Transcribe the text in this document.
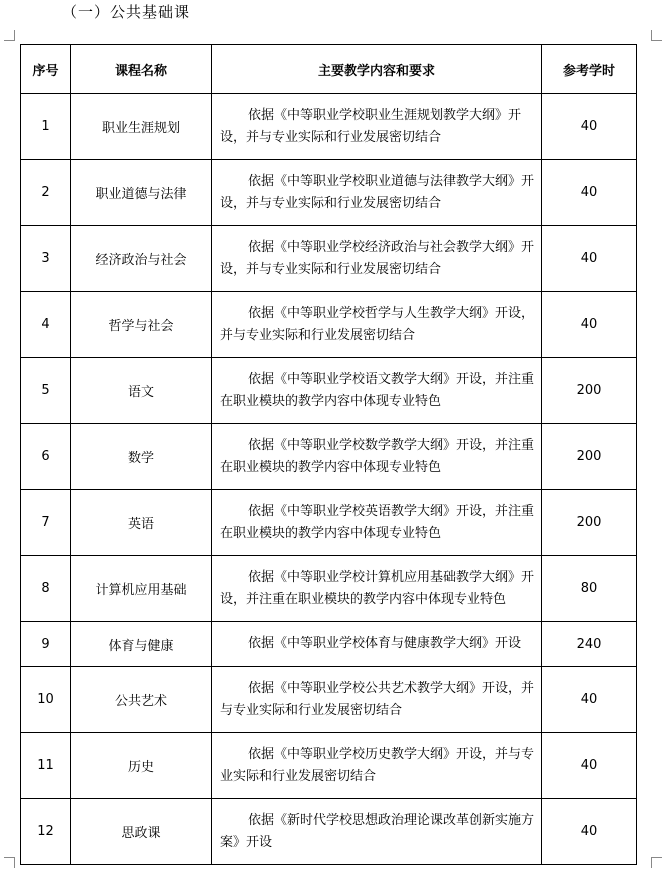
（一）公共基础课
序号	课程名称	主要教学内容和要求	参考学时
1	职业生涯规划	依据《中等职业学校职业生涯规划教学大纲》开设，并与专业实际和行业发展密切结合	40
2	职业道德与法律	依据《中等职业学校职业道德与法律教学大纲》开设，并与专业实际和行业发展密切结合	40
3	经济政治与社会	依据《中等职业学校经济政治与社会教学大纲》开设，并与专业实际和行业发展密切结合	40
4	哲学与社会	依据《中等职业学校哲学与人生教学大纲》开设，并与专业实际和行业发展密切结合	40
5	语文	依据《中等职业学校语文教学大纲》开设，并注重在职业模块的教学内容中体现专业特色	200
6	数学	依据《中等职业学校数学教学大纲》开设，并注重在职业模块的教学内容中体现专业特色	200
7	英语	依据《中等职业学校英语教学大纲》开设，并注重在职业模块的教学内容中体现专业特色	200
8	计算机应用基础	依据《中等职业学校计算机应用基础教学大纲》开设，并注重在职业模块的教学内容中体现专业特色	80
9	体育与健康	依据《中等职业学校体育与健康教学大纲》开设	240
10	公共艺术	依据《中等职业学校公共艺术教学大纲》开设，并与专业实际和行业发展密切结合	40
11	历史	依据《中等职业学校历史教学大纲》开设，并与专业实际和行业发展密切结合	40
12	思政课	依据《新时代学校思想政治理论课改革创新实施方案》开设	40
